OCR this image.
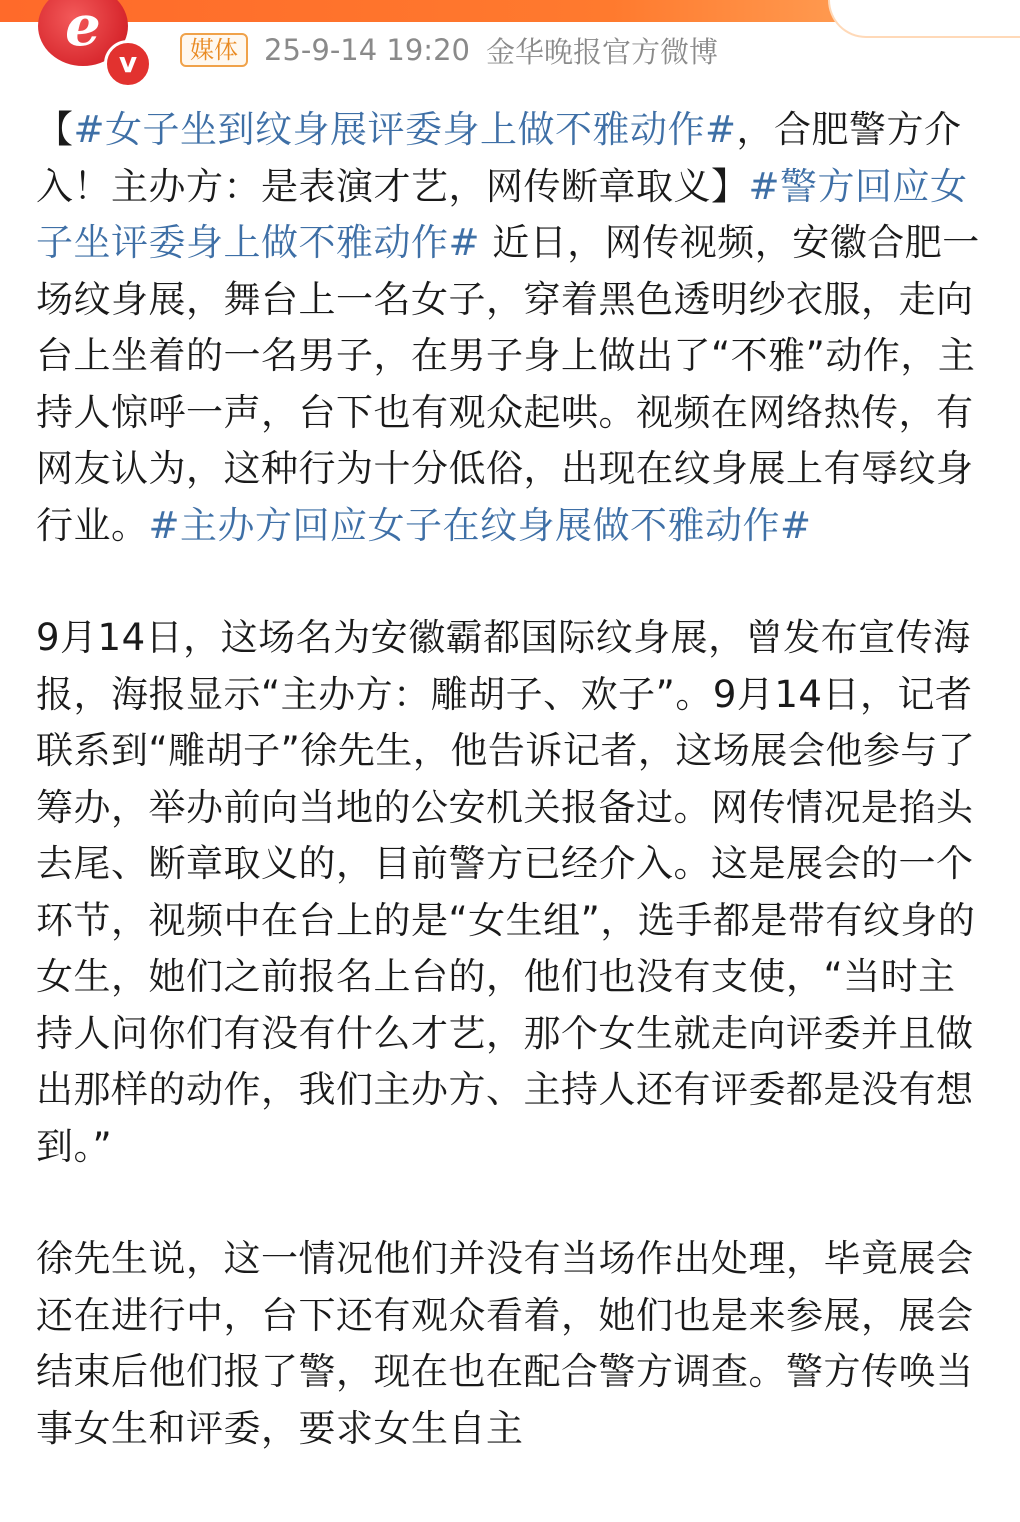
e
v	媒体 25-9-14 19:20 金华晚报官方微博

【#女子坐到纹身展评委身上做不雅动作#，合肥警方介入！主办方：是表演才艺，网传断章取义】#警方回应女子坐评委身上做不雅动作# 近日，网传视频，安徽合肥一场纹身展，舞台上一名女子，穿着黑色透明纱衣服，走向台上坐着的一名男子，在男子身上做出了“不雅”动作，主持人惊呼一声，台下也有观众起哄。视频在网络热传，有网友认为，这种行为十分低俗，出现在纹身展上有辱纹身行业。#主办方回应女子在纹身展做不雅动作#

9月14日，这场名为安徽霸都国际纹身展，曾发布宣传海报，海报显示“主办方：雕胡子、欢子”。9月14日，记者联系到“雕胡子”徐先生，他告诉记者，这场展会他参与了筹办，举办前向当地的公安机关报备过。网传情况是掐头去尾、断章取义的，目前警方已经介入。这是展会的一个环节，视频中在台上的是“女生组”，选手都是带有纹身的女生，她们之前报名上台的，他们也没有支使，“当时主持人问你们有没有什么才艺，那个女生就走向评委并且做出那样的动作，我们主办方、主持人还有评委都是没有想到。”

徐先生说，这一情况他们并没有当场作出处理，毕竟展会还在进行中，台下还有观众看着，她们也是来参展，展会结束后他们报了警，现在也在配合警方调查。警方传唤当事女生和评委，要求女生自主
